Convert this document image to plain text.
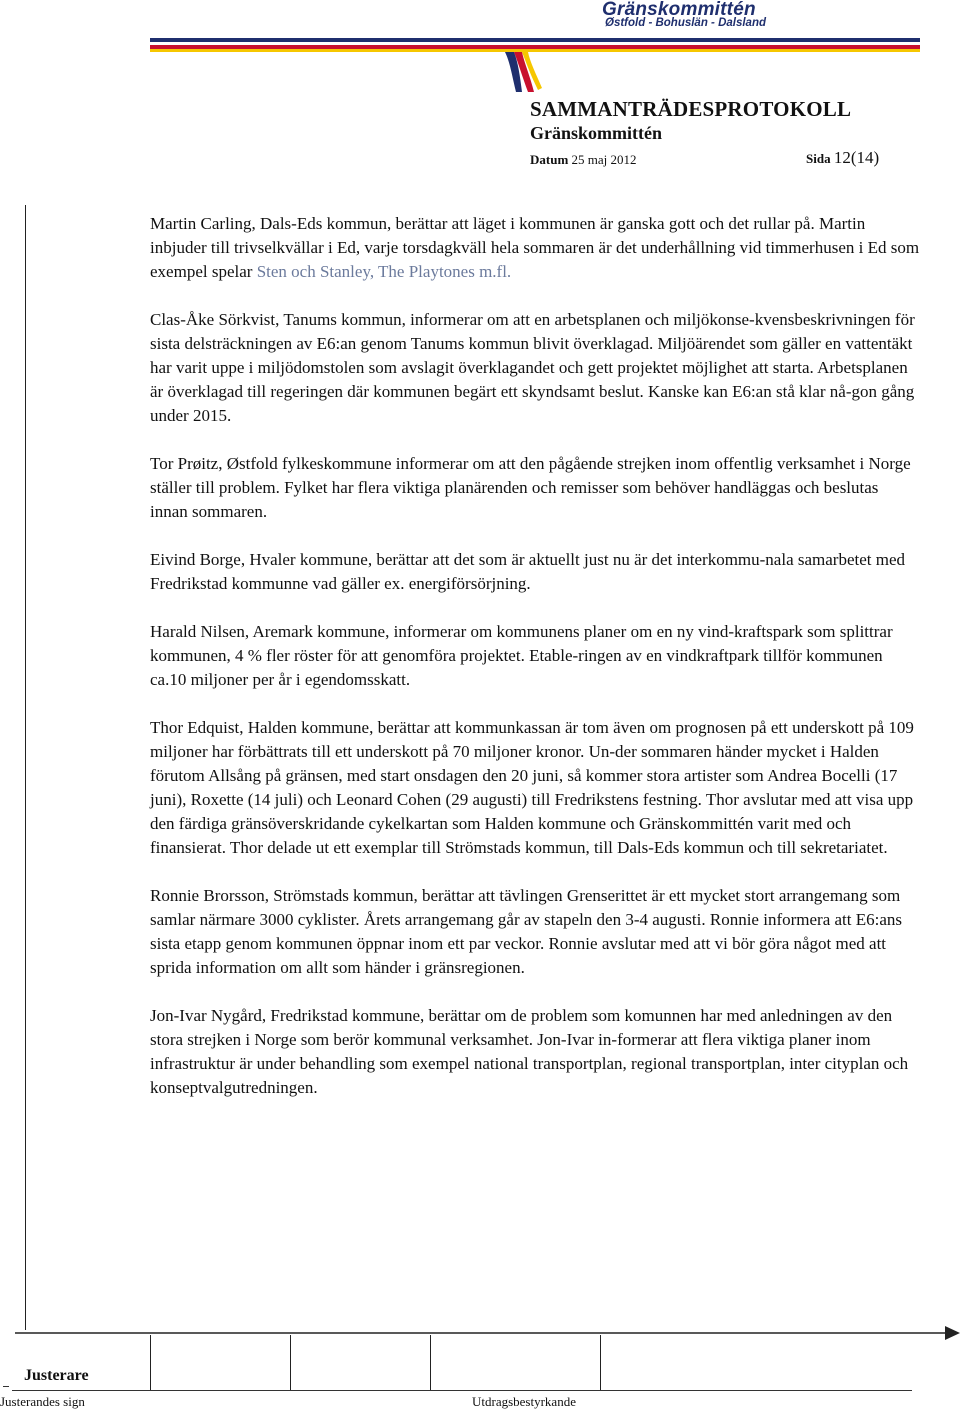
Gränskommittén
Østfold - Bohuslän - Dalsland
SAMMANTRÄDESPROTOKOLL
Gränskommittén
Datum 25 maj 2012	Sida 12(14)

Martin Carling, Dals-Eds kommun, berättar att läget i kommunen är ganska gott och det rullar på. Martin inbjuder till trivselkvällar i Ed, varje torsdagkväll hela sommaren är det underhållning vid timmerhusen i Ed som exempel spelar Sten och Stanley, The Playtones m.fl.

Clas-Åke Sörkvist, Tanums kommun, informerar om att en arbetsplanen och miljökonse-kvensbeskrivningen för sista delsträckningen av E6:an genom Tanums kommun blivit överklagad. Miljöärendet som gäller en vattentäkt har varit uppe i miljödomstolen som avslagit överklagandet och gett projektet möjlighet att starta. Arbetsplanen är överklagad till regeringen där kommunen begärt ett skyndsamt beslut. Kanske kan E6:an stå klar nå-gon gång under 2015.

Tor Prøitz, Østfold fylkeskommune informerar om att den pågående strejken inom offentlig verksamhet i Norge ställer till problem. Fylket har flera viktiga planärenden och remisser som behöver handläggas och beslutas innan sommaren.

Eivind Borge, Hvaler kommune, berättar att det som är aktuellt just nu är det interkommu-nala samarbetet med Fredrikstad kommunne vad gäller ex. energiförsörjning.

Harald Nilsen, Aremark kommune, informerar om kommunens planer om en ny vind-kraftspark som splittrar kommunen, 4 % fler röster för att genomföra projektet. Etable-ringen av en vindkraftpark tillför kommunen ca.10 miljoner per år i egendomsskatt.

Thor Edquist, Halden kommune, berättar att kommunkassan är tom även om prognosen på ett underskott på 109 miljoner har förbättrats till ett underskott på 70 miljoner kronor. Un-der sommaren händer mycket i Halden förutom Allsång på gränsen, med start onsdagen den 20 juni, så kommer stora artister som Andrea Bocelli (17 juni), Roxette (14 juli) och Leonard Cohen (29 augusti) till Fredrikstens festning. Thor avslutar med att visa upp den färdiga gränsöverskridande cykelkartan som Halden kommune och Gränskommittén varit med och finansierat. Thor delade ut ett exemplar till Strömstads kommun, till Dals-Eds kommun och till sekretariatet.

Ronnie Brorsson, Strömstads kommun, berättar att tävlingen Grenserittet är ett mycket stort arrangemang som samlar närmare 3000 cyklister. Årets arrangemang går av stapeln den 3-4 augusti. Ronnie informera att E6:ans sista etapp genom kommunen öppnar inom ett par veckor. Ronnie avslutar med att vi bör göra något med att sprida information om allt som händer i gränsregionen.

Jon-Ivar Nygård, Fredrikstad kommune, berättar om de problem som komunnen har med anledningen av den stora strejken i Norge som berör kommunal verksamhet. Jon-Ivar in-formerar att flera viktiga planer inom infrastruktur är under behandling som exempel national transportplan, regional transportplan, inter cityplan och konseptvalgutredningen.

Justerare
Justerandes sign	Utdragsbestyrkande
